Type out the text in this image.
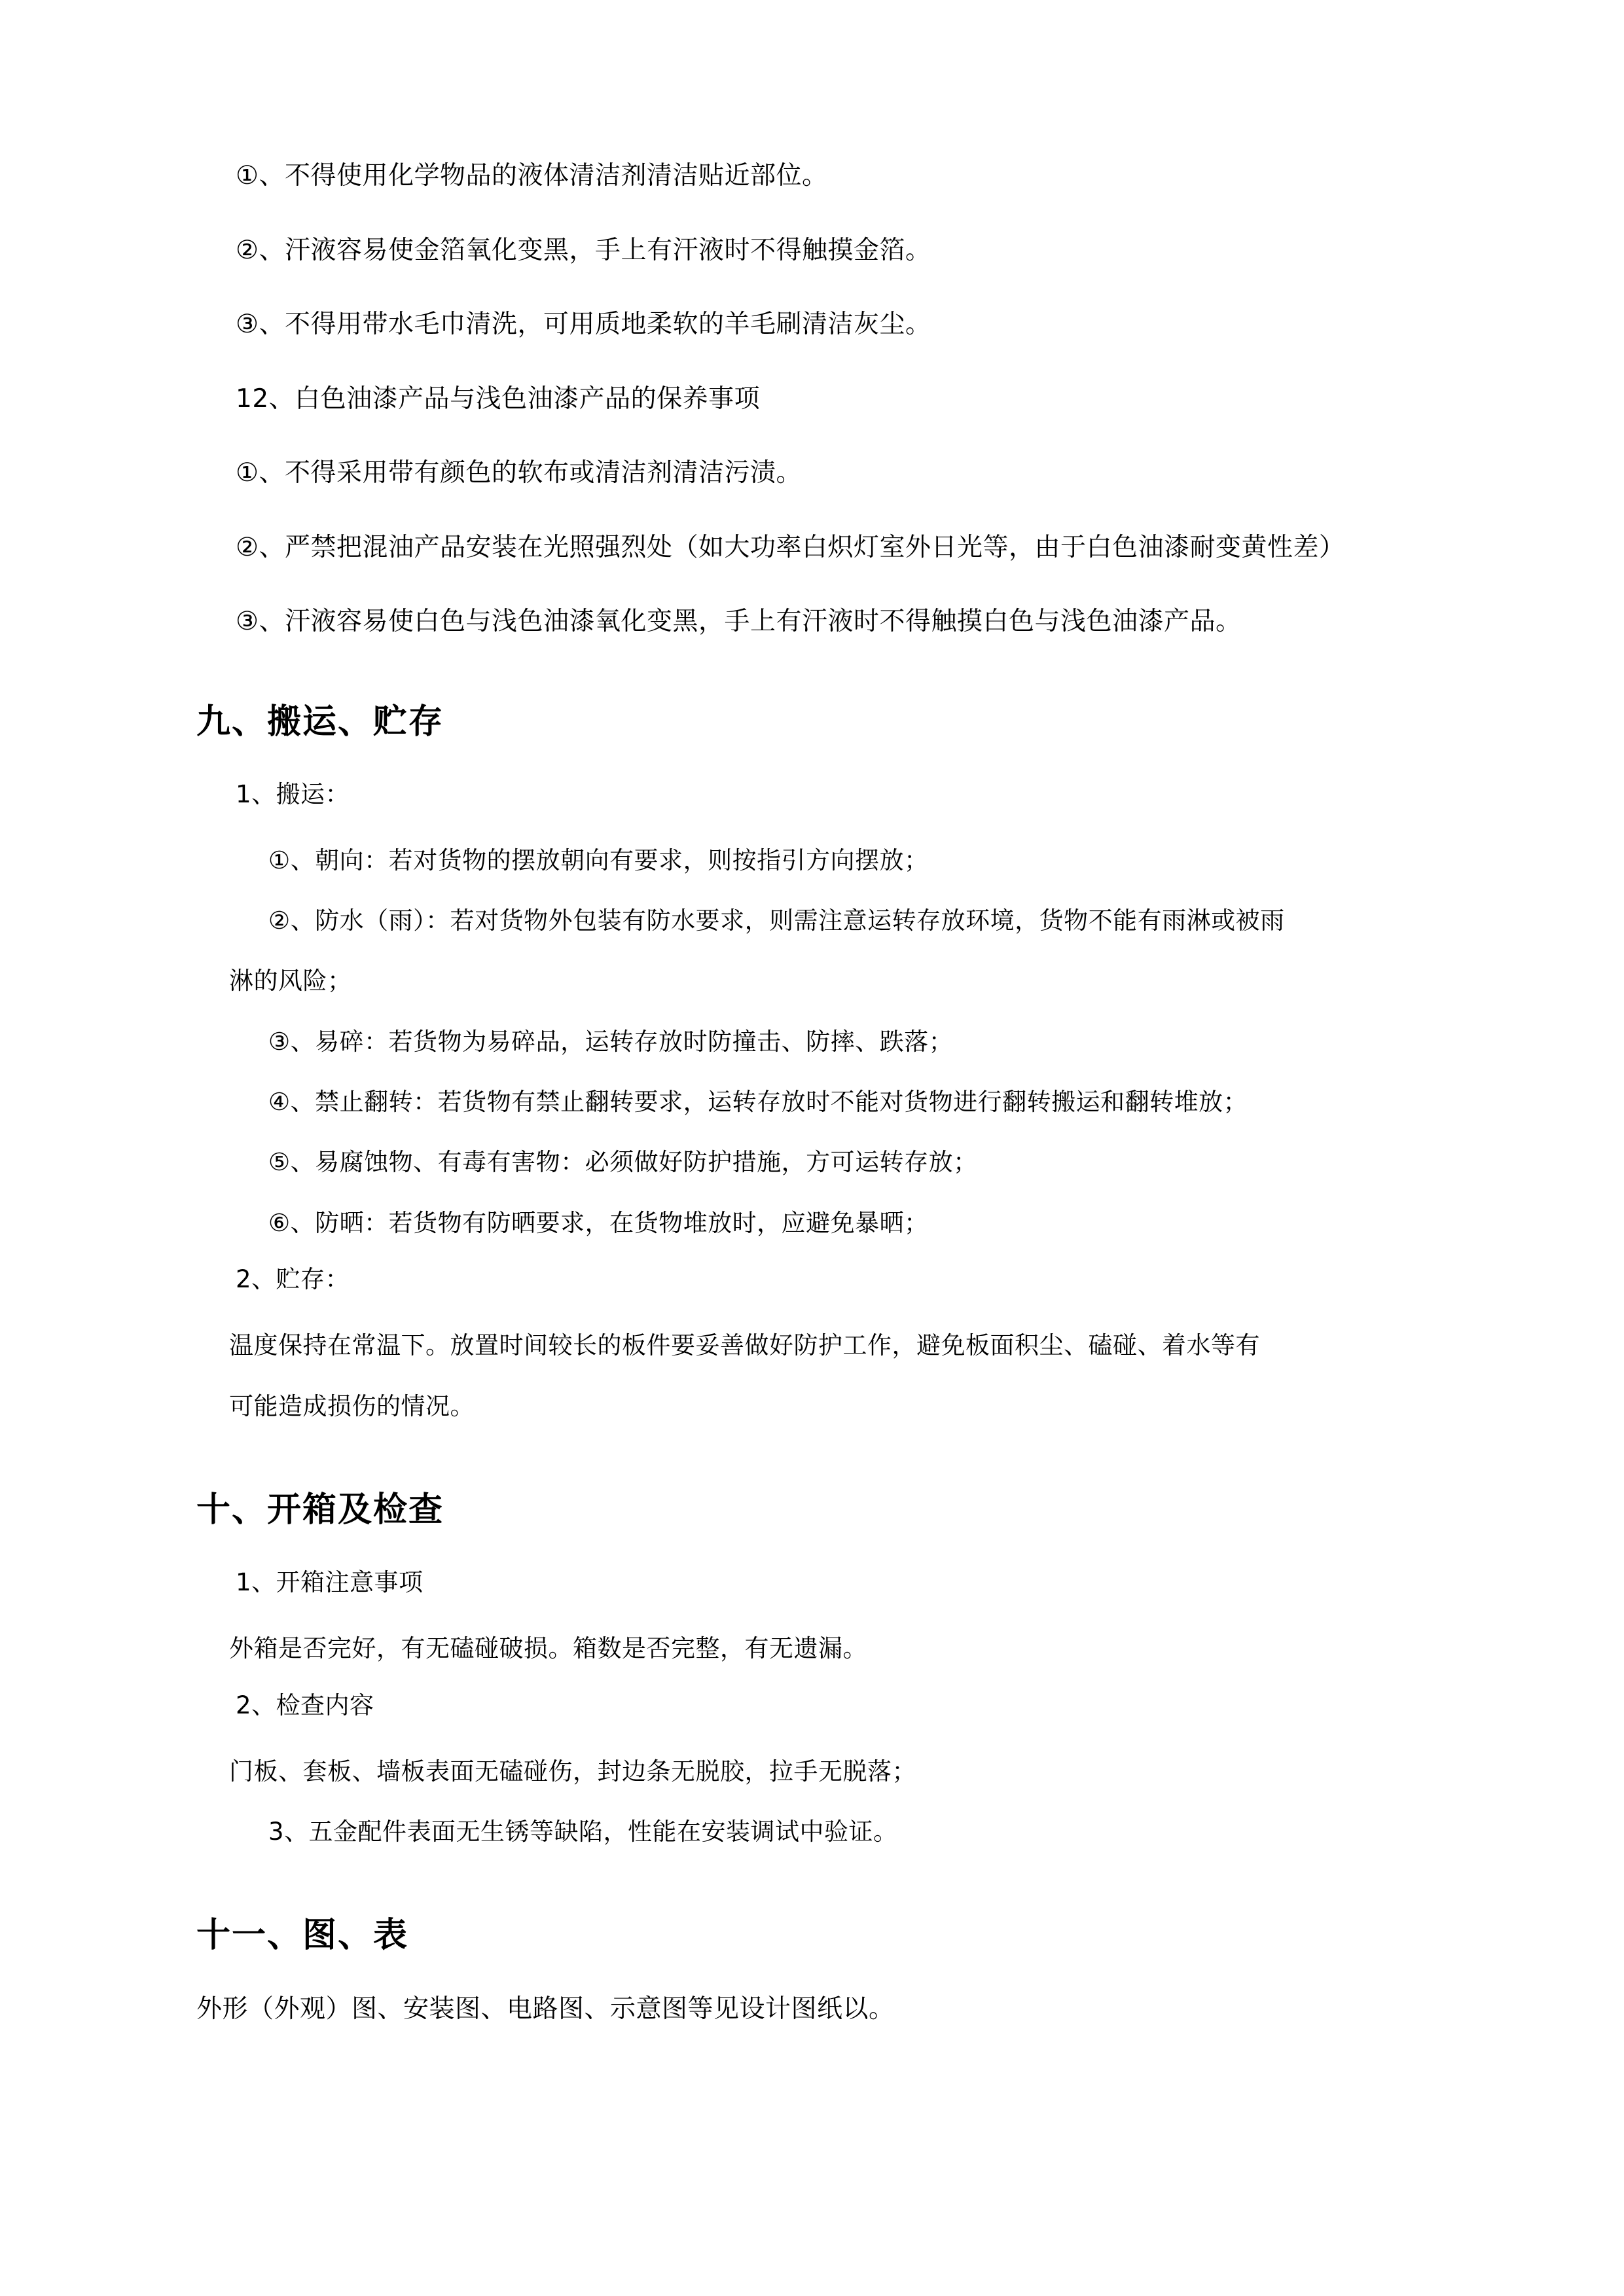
①、不得使用化学物品的液体清洁剂清洁贴近部位。

②、汗液容易使金箔氧化变黑，手上有汗液时不得触摸金箔。

③、不得用带水毛巾清洗，可用质地柔软的羊毛刷清洁灰尘。

12、白色油漆产品与浅色油漆产品的保养事项

①、不得采用带有颜色的软布或清洁剂清洁污渍。

②、严禁把混油产品安装在光照强烈处（如大功率白炽灯室外日光等，由于白色油漆耐变黄性差）

③、汗液容易使白色与浅色油漆氧化变黑，手上有汗液时不得触摸白色与浅色油漆产品。

九、搬运、贮存

1、搬运：

①、朝向：若对货物的摆放朝向有要求，则按指引方向摆放；

②、防水（雨）：若对货物外包装有防水要求，则需注意运转存放环境，货物不能有雨淋或被雨

淋的风险；

③、易碎：若货物为易碎品，运转存放时防撞击、防摔、跌落；

④、禁止翻转：若货物有禁止翻转要求，运转存放时不能对货物进行翻转搬运和翻转堆放；

⑤、易腐蚀物、有毒有害物：必须做好防护措施，方可运转存放；

⑥、防晒：若货物有防晒要求，在货物堆放时，应避免暴晒；

2、贮存：

温度保持在常温下。放置时间较长的板件要妥善做好防护工作，避免板面积尘、磕碰、着水等有

可能造成损伤的情况。

十、开箱及检查

1、开箱注意事项

外箱是否完好，有无磕碰破损。箱数是否完整，有无遗漏。

2、检查内容

门板、套板、墙板表面无磕碰伤，封边条无脱胶，拉手无脱落；

3、五金配件表面无生锈等缺陷，性能在安装调试中验证。

十一、图、表

外形（外观）图、安装图、电路图、示意图等见设计图纸以。
